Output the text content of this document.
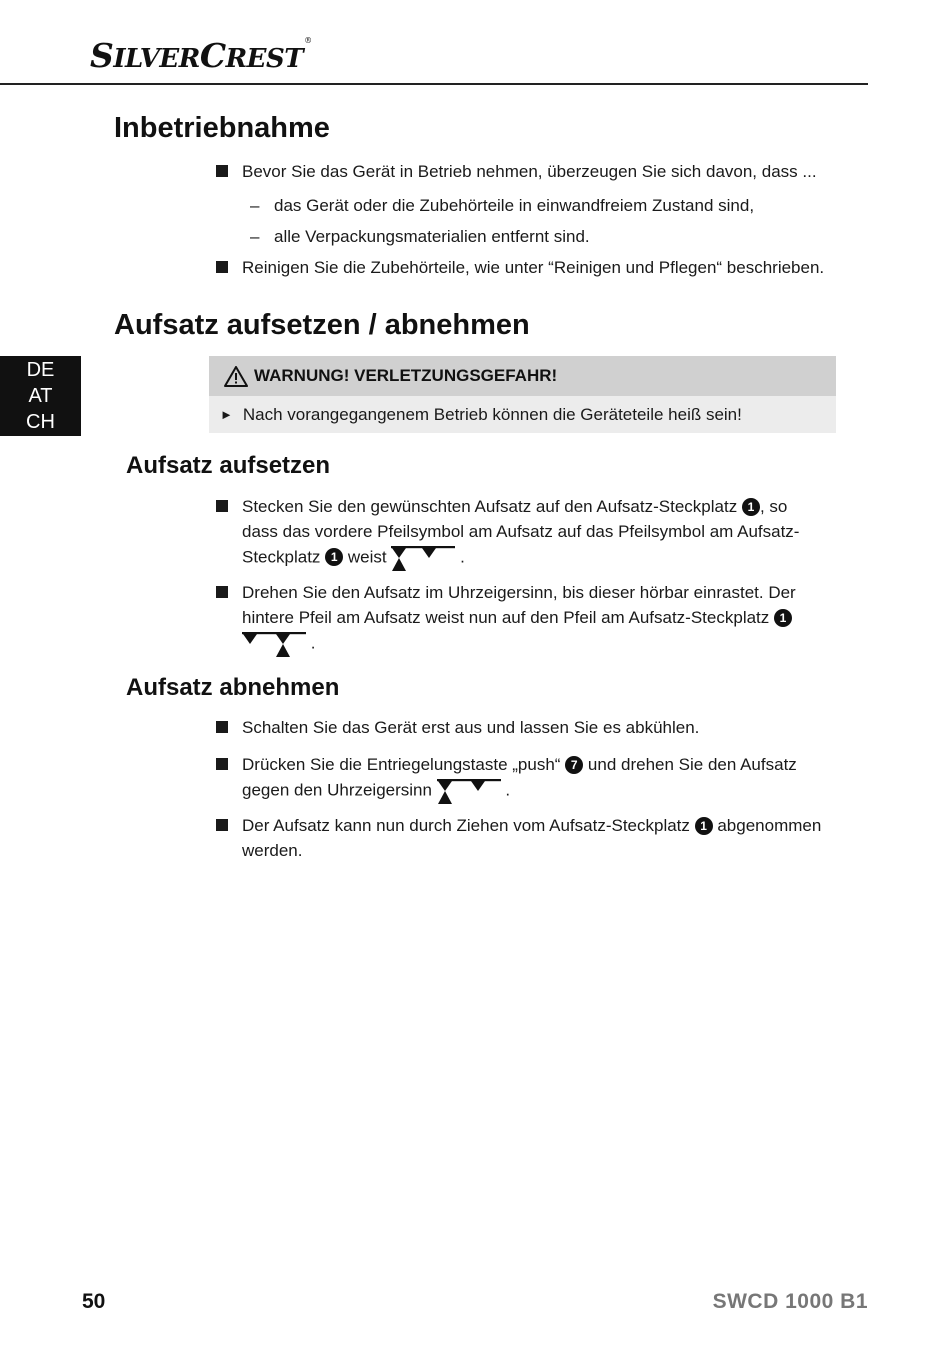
SILVERCREST®
DE
AT
CH
Inbetriebnahme

Bevor Sie das Gerät in Betrieb nehmen, überzeugen Sie sich davon, dass ...

– das Gerät oder die Zubehörteile in einwandfreiem Zustand sind,
– alle Verpackungsmaterialien entfernt sind.

Reinigen Sie die Zubehörteile, wie unter “Reinigen und Pflegen“ beschrieben.

Aufsatz aufsetzen / abnehmen
WARNUNG! VERLETZUNGSGEFAHR!
► Nach vorangegangenem Betrieb können die Geräteteile heiß sein!
Aufsatz aufsetzen

Stecken Sie den gewünschten Aufsatz auf den Aufsatz-Steckplatz 1 , so
dass das vordere Pfeilsymbol am Aufsatz auf das Pfeilsymbol am Aufsatz-
Steckplatz 1 weist	.

Drehen Sie den Aufsatz im Uhrzeigersinn, bis dieser hörbar einrastet. Der
hintere Pfeil am Aufsatz weist nun auf den Pfeil am Aufsatz-Steckplatz 1
.

Aufsatz abnehmen

Schalten Sie das Gerät erst aus und lassen Sie es abkühlen.

Drücken Sie die Entriegelungstaste „push“ 7 und drehen Sie den Aufsatz
gegen den Uhrzeigersinn	.

Der Aufsatz kann nun durch Ziehen vom Aufsatz-Steckplatz 1 abgenommen
werden.

50	SWCD 1000 B1
